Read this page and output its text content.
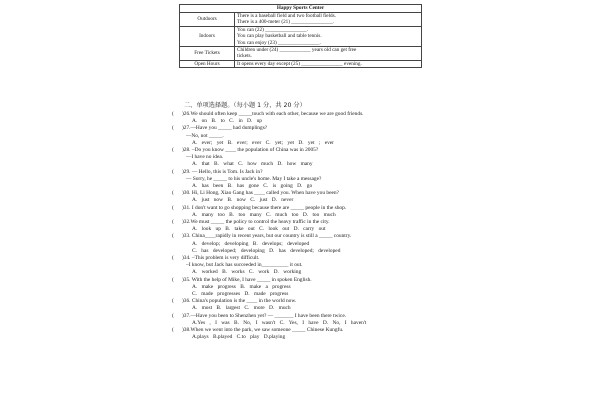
Happy Sports Center	
Outdoors	There is a baseball field and two football fields.
There is a 400-meter (21) ________________.

Indoors	You can (22) ________________.
You can play basketball and table tennis.
You can enjoy (23) ________________.

Free Tickets	Children under (24) ____________ years old can get free
tickets.

Open Hours	It opens every day except (25) ________________ evening.
二、单项选择题。（每小题 1 分，共 20 分）
( )26.We should often keep _____touch with each other, because we are good friends.
A. on B. to C. in D. up
( )27.—Have you _____ had dumplings?
—No, not _____.
A. ever; yet B. ever; ever C. yet; yet D. yet ; ever
( )28. –Do you know ____ the population of China was in 2005?
—I have no idea.
A. that B. what C. how much D. how many
( )29. — Hello, this is Tom. Is Jack in?
— Sorry, he _____ to his uncle's home. May I take a message?
A. has been B. has gone C. is going D. go
( )30. Hi, Li Hong, Xiao Gang has ____ called you. When have you been?
A. just now B. now C. just D. never
( )31. I don't want to go shopping because there are _____ people in the shop.
A. many too B. too many C. much too D. too much
( )32.We must _____ the policy to control the heavy traffic in the city.
A. look up B. take out C. look out D. carry out
( )33. China____rapidly in recent years, but our country is still a _____ country.
A. develop; developing B. develops; developed
C. has developed; developing D. has developed; developed
( )34. –This problem is very difficult.
–I know, but Jack has succeeded in__________ it out.
A. worked B. works C. work D. working
( )35. With the help of Mike, I have _____ in spoken English.
A. make progress B. make a progress
C. made progresses D. made progress
( )36. China's population is the ____ in the world now.
A. most B. largest C. more D. much
( )37.—Have you been to Shenzhen yet? — _______ I have been there twice.
A.Yes , I was B. No, I wasn't C. Yes, I have D. No, I haven't
( )38.When we went into the park, we saw someone _____ Chinese Kungfu.
A.plays B.played C.to play D.playing
